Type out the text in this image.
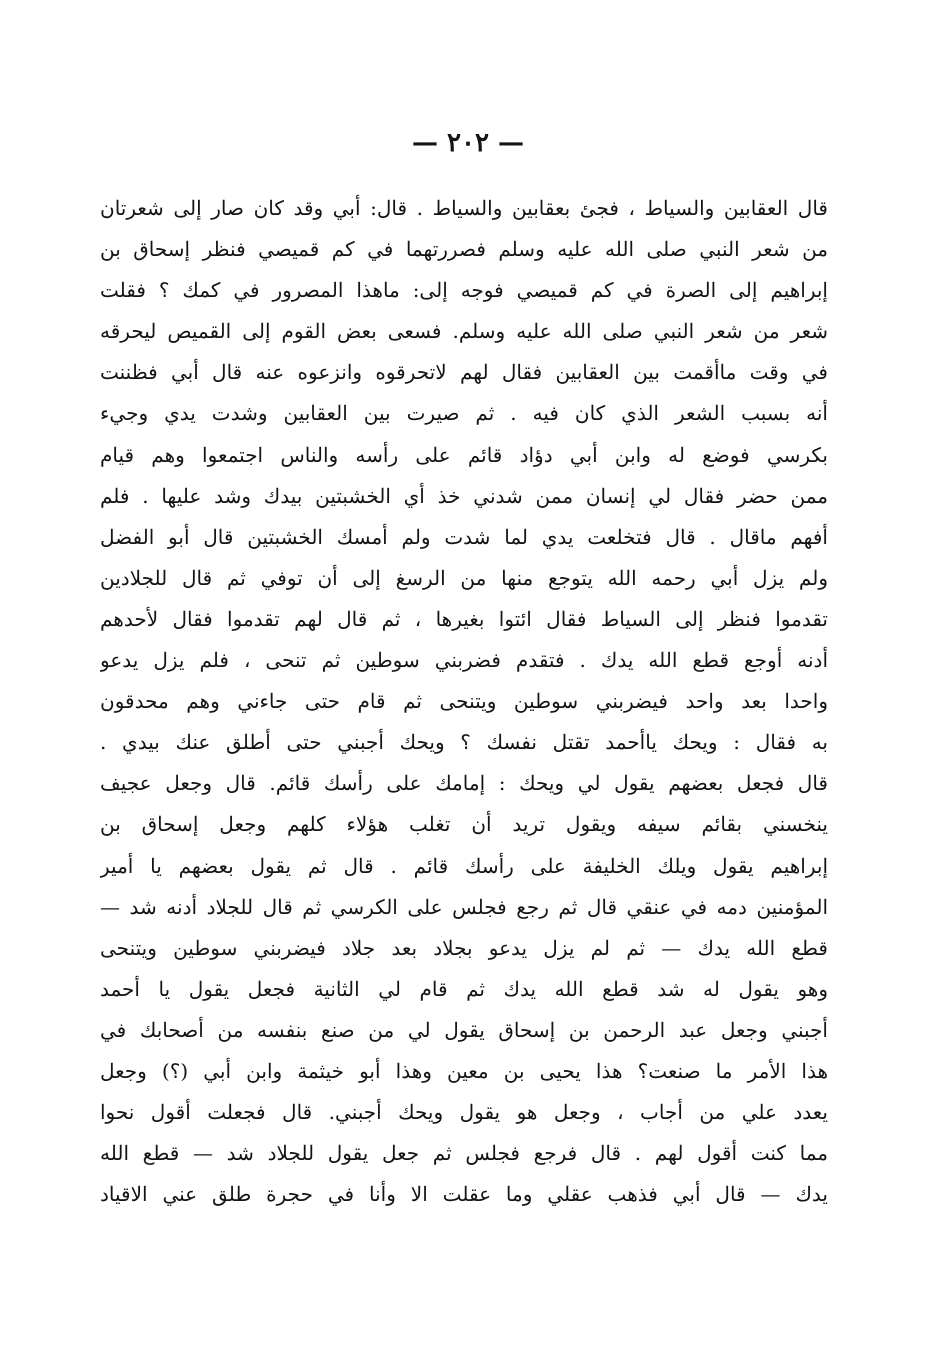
— ٢٠٢ —
قال العقابين والسياط ، فجئ بعقابين والسياط . قال: أبي وقد كان صار إلى شعرتان
من شعر النبي صلى الله عليه وسلم فصررتهما في كم قميصي فنظر إسحاق بن
إبراهيم إلى الصرة في كم قميصي فوجه إلى: ماهذا المصرور في كمك ؟ فقلت
شعر من شعر النبي صلى الله عليه وسلم. فسعى بعض القوم إلى القميص ليحرقه
في وقت ماأقمت بين العقابين فقال لهم لاتحرقوه وانزعوه عنه قال أبي فظننت
أنه بسبب الشعر الذي كان فيه . ثم صيرت بين العقابين وشدت يدي وجيء
بكرسي فوضع له وابن أبي دؤاد قائم على رأسه والناس اجتمعوا وهم قيام
ممن حضر فقال لي إنسان ممن شدني خذ أي الخشبتين بيدك وشد عليها . فلم
أفهم ماقال . قال فتخلعت يدي لما شدت ولم أمسك الخشبتين قال أبو الفضل
ولم يزل أبي رحمه الله يتوجع منها من الرسغ إلى أن توفي ثم قال للجلادين
تقدموا فنظر إلى السياط فقال ائتوا بغيرها ، ثم قال لهم تقدموا فقال لأحدهم
أدنه أوجع قطع الله يدك . فتقدم فضربني سوطين ثم تنحى ، فلم يزل يدعو
واحدا بعد واحد فيضربني سوطين ويتنحى ثم قام حتى جاءني وهم محدقون
به فقال : ويحك ياأحمد تقتل نفسك ؟ ويحك أجبني حتى أطلق عنك بيدي .
قال فجعل بعضهم يقول لي ويحك : إمامك على رأسك قائم. قال وجعل عجيف
ينخسني بقائم سيفه ويقول تريد أن تغلب هؤلاء كلهم وجعل إسحاق بن
إبراهيم يقول ويلك الخليفة على رأسك قائم . قال ثم يقول بعضهم يا أمير
المؤمنين دمه في عنقي قال ثم رجع فجلس على الكرسي ثم قال للجلاد أدنه شد —
قطع الله يدك — ثم لم يزل يدعو بجلاد بعد جلاد فيضربني سوطين ويتنحى
وهو يقول له شد قطع الله يدك ثم قام لي الثانية فجعل يقول يا أحمد
أجبني وجعل عبد الرحمن بن إسحاق يقول لي من صنع بنفسه من أصحابك في
هذا الأمر ما صنعت؟ هذا يحيى بن معين وهذا أبو خيثمة وابن أبي (؟) وجعل
يعدد علي من أجاب ، وجعل هو يقول ويحك أجبني. قال فجعلت أقول نحوا
مما كنت أقول لهم . قال فرجع فجلس ثم جعل يقول للجلاد شد — قطع الله
يدك — قال أبي فذهب عقلي وما عقلت الا وأنا في حجرة طلق عني الاقياد
